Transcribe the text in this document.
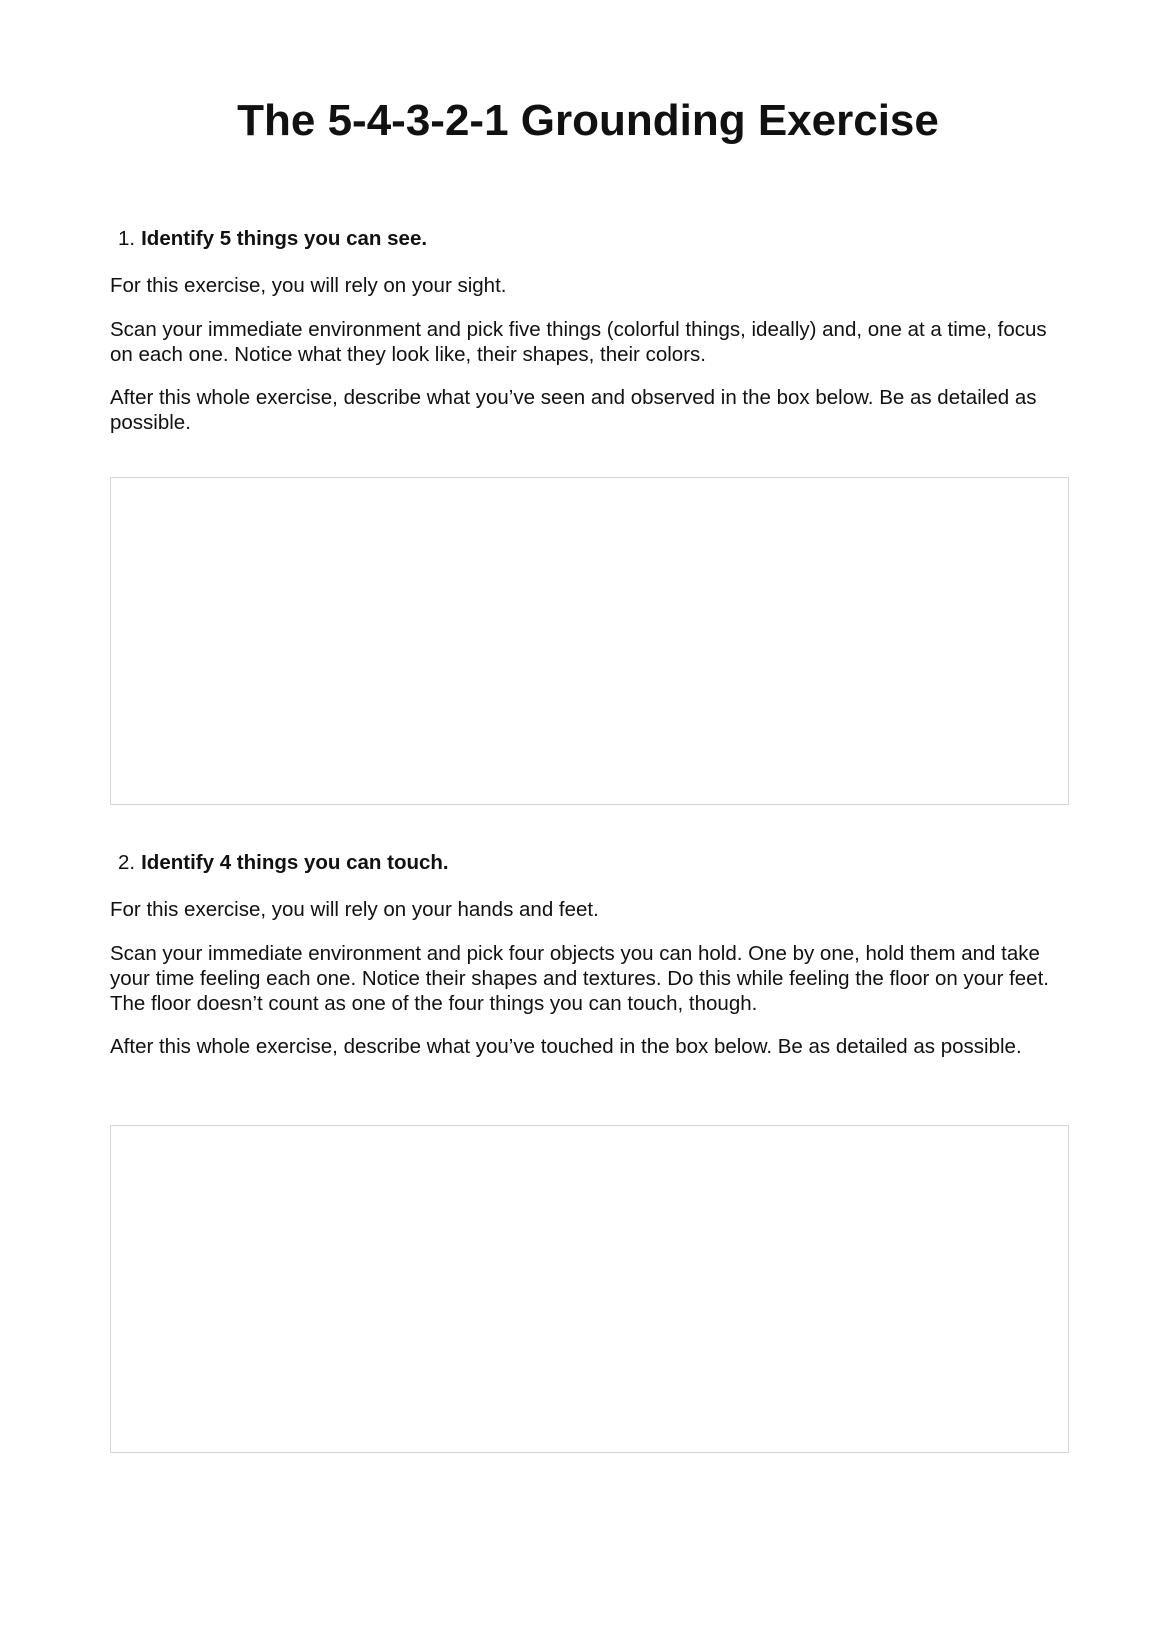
The 5-4-3-2-1 Grounding Exercise
1. Identify 5 things you can see.

For this exercise, you will rely on your sight.

Scan your immediate environment and pick five things (colorful things, ideally) and, one at a time, focus on each one. Notice what they look like, their shapes, their colors.

After this whole exercise, describe what you’ve seen and observed in the box below. Be as detailed as possible.

2. Identify 4 things you can touch.

For this exercise, you will rely on your hands and feet.

Scan your immediate environment and pick four objects you can hold. One by one, hold them and take your time feeling each one. Notice their shapes and textures. Do this while feeling the floor on your feet. The floor doesn’t count as one of the four things you can touch, though.

After this whole exercise, describe what you’ve touched in the box below. Be as detailed as possible.
